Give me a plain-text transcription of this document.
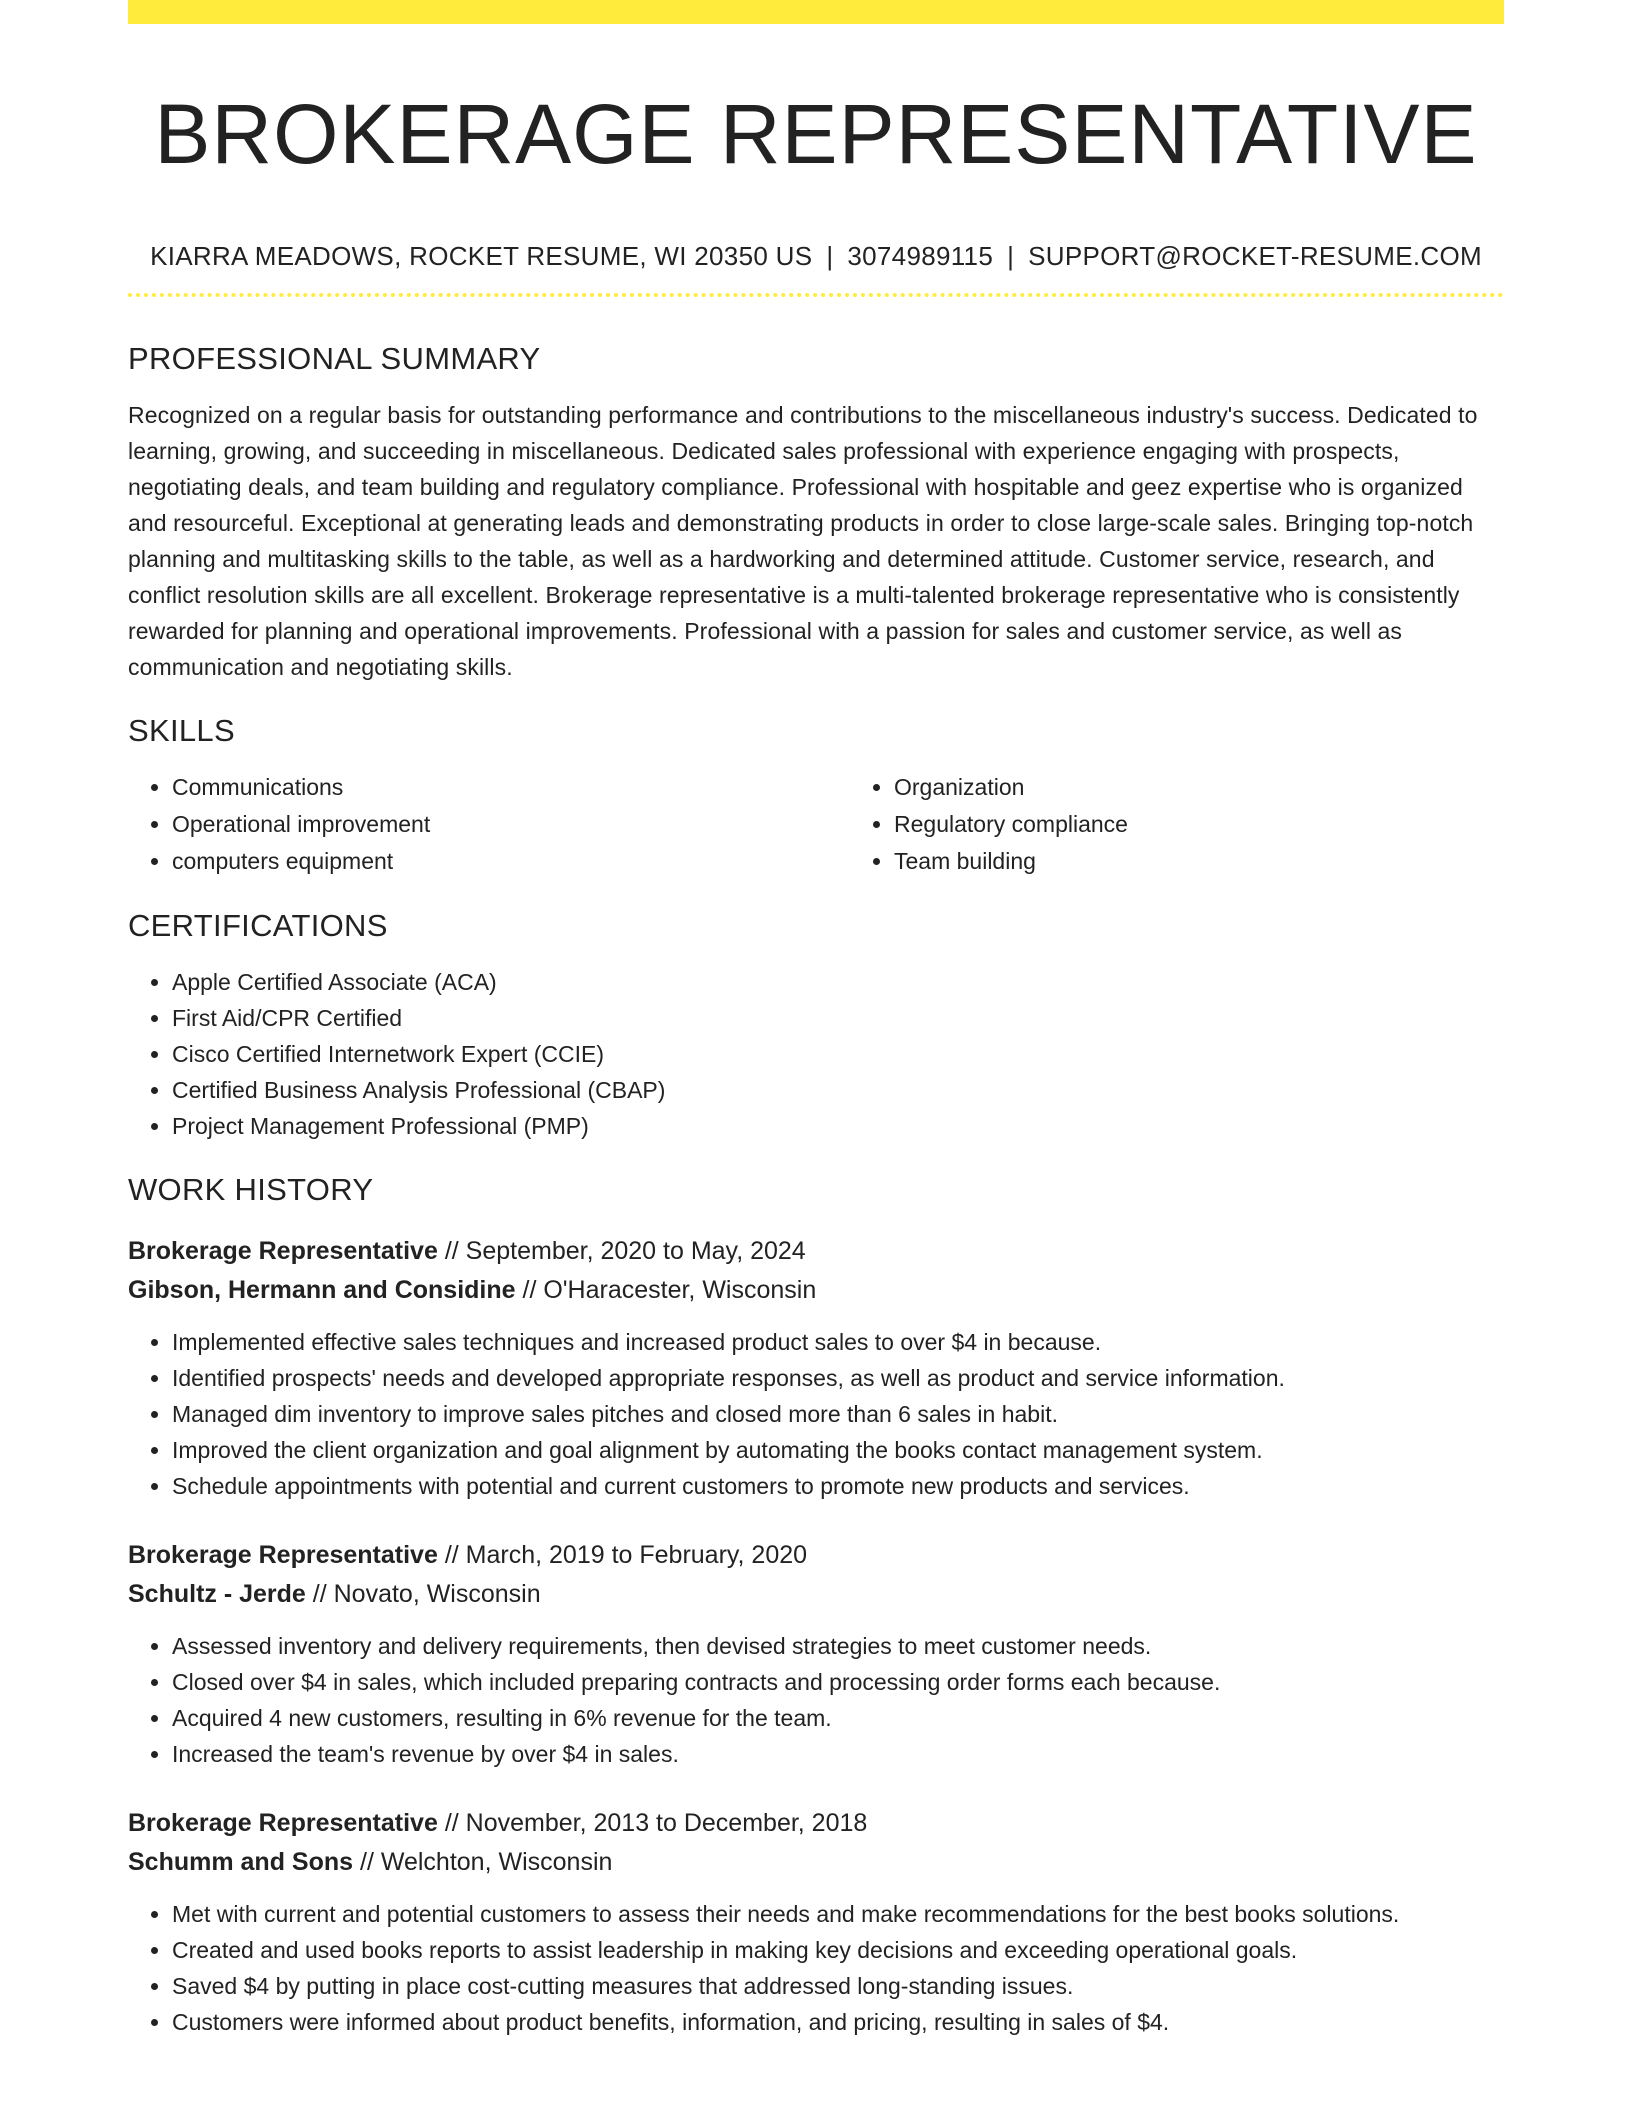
BROKERAGE REPRESENTATIVE
KIARRA MEADOWS, ROCKET RESUME, WI 20350 US | 3074989115 | SUPPORT@ROCKET-RESUME.COM
PROFESSIONAL SUMMARY

Recognized on a regular basis for outstanding performance and contributions to the miscellaneous industry's success. Dedicated to learning, growing, and succeeding in miscellaneous. Dedicated sales professional with experience engaging with prospects, negotiating deals, and team building and regulatory compliance. Professional with hospitable and geez expertise who is organized and resourceful. Exceptional at generating leads and demonstrating products in order to close large-scale sales. Bringing top-notch planning and multitasking skills to the table, as well as a hardworking and determined attitude. Customer service, research, and conflict resolution skills are all excellent. Brokerage representative is a multi-talented brokerage representative who is consistently rewarded for planning and operational improvements. Professional with a passion for sales and customer service, as well as communication and negotiating skills.

SKILLS
• Communications
• Operational improvement
• computers equipment
• Organization
• Regulatory compliance
• Team building
CERTIFICATIONS
• Apple Certified Associate (ACA)
• First Aid/CPR Certified
• Cisco Certified Internetwork Expert (CCIE)
• Certified Business Analysis Professional (CBAP)
• Project Management Professional (PMP)
WORK HISTORY
Brokerage Representative // September, 2020 to May, 2024
Gibson, Hermann and Considine // O'Haracester, Wisconsin
• Implemented effective sales techniques and increased product sales to over $4 in because.
• Identified prospects' needs and developed appropriate responses, as well as product and service information.
• Managed dim inventory to improve sales pitches and closed more than 6 sales in habit.
• Improved the client organization and goal alignment by automating the books contact management system.
• Schedule appointments with potential and current customers to promote new products and services.
Brokerage Representative // March, 2019 to February, 2020
Schultz - Jerde // Novato, Wisconsin
• Assessed inventory and delivery requirements, then devised strategies to meet customer needs.
• Closed over $4 in sales, which included preparing contracts and processing order forms each because.
• Acquired 4 new customers, resulting in 6% revenue for the team.
• Increased the team's revenue by over $4 in sales.
Brokerage Representative // November, 2013 to December, 2018
Schumm and Sons // Welchton, Wisconsin
• Met with current and potential customers to assess their needs and make recommendations for the best books solutions.
• Created and used books reports to assist leadership in making key decisions and exceeding operational goals.
• Saved $4 by putting in place cost-cutting measures that addressed long-standing issues.
• Customers were informed about product benefits, information, and pricing, resulting in sales of $4.
